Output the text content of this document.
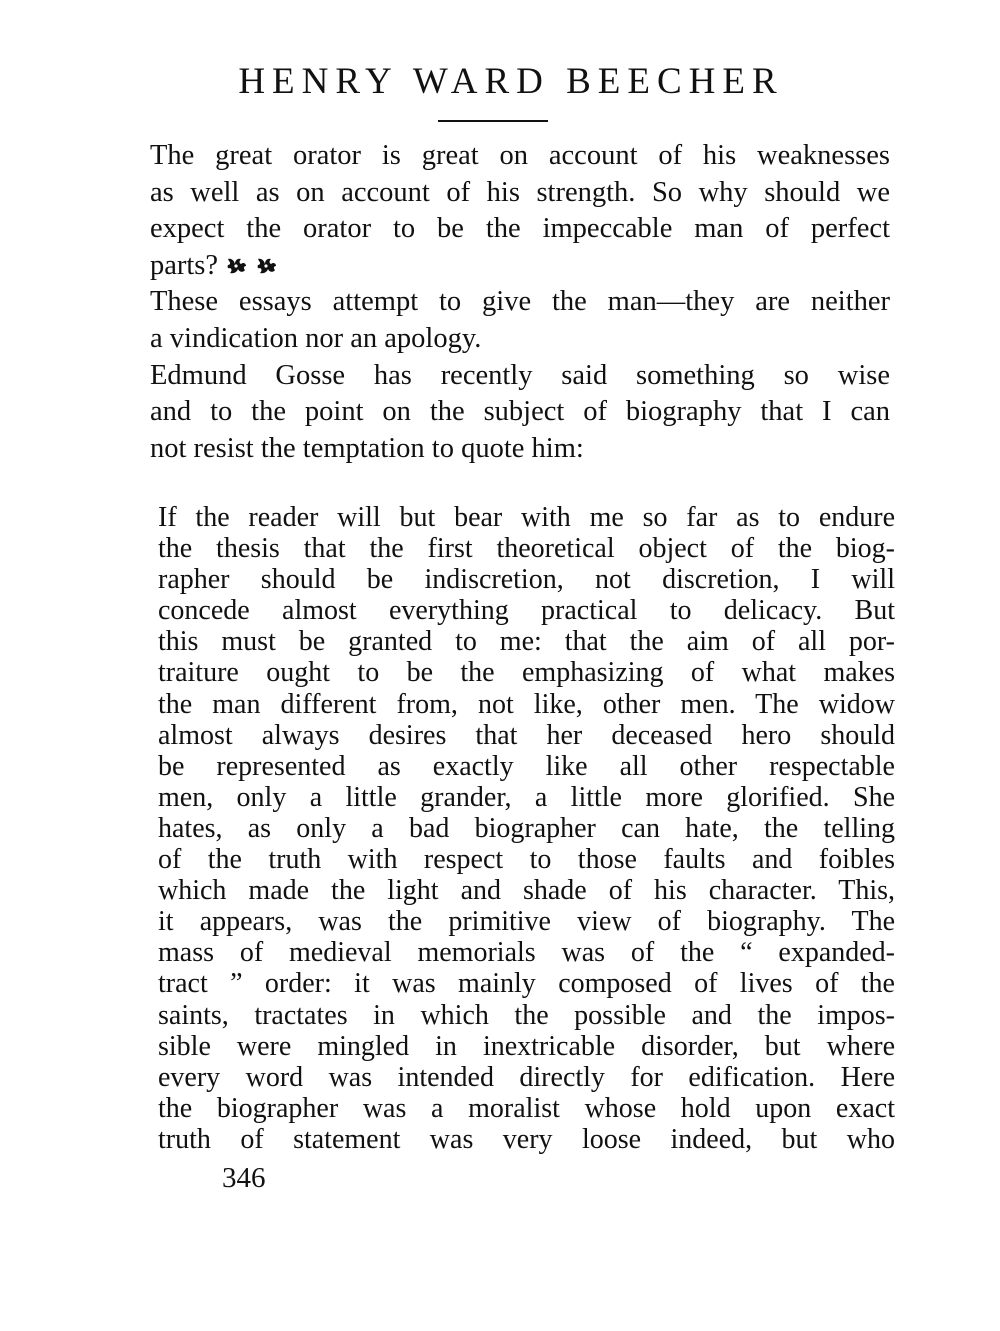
HENRY WARD BEECHER
The great orator is great on account of his weaknesses
as well as on account of his strength. So why should we
expect the orator to be the impeccable man of perfect
parts?
These essays attempt to give the man—they are neither
a vindication nor an apology.
Edmund Gosse has recently said something so wise
and to the point on the subject of biography that I can
not resist the temptation to quote him:
If the reader will but bear with me so far as to endure
the thesis that the first theoretical object of the biog-
rapher should be indiscretion, not discretion, I will
concede almost everything practical to delicacy. But
this must be granted to me: that the aim of all por-
traiture ought to be the emphasizing of what makes
the man different from, not like, other men. The widow
almost always desires that her deceased hero should
be represented as exactly like all other respectable
men, only a little grander, a little more glorified. She
hates, as only a bad biographer can hate, the telling
of the truth with respect to those faults and foibles
which made the light and shade of his character. This,
it appears, was the primitive view of biography. The
mass of medieval memorials was of the “ expanded-
tract ” order: it was mainly composed of lives of the
saints, tractates in which the possible and the impos-
sible were mingled in inextricable disorder, but where
every word was intended directly for edification. Here
the biographer was a moralist whose hold upon exact
truth of statement was very loose indeed, but who
346
